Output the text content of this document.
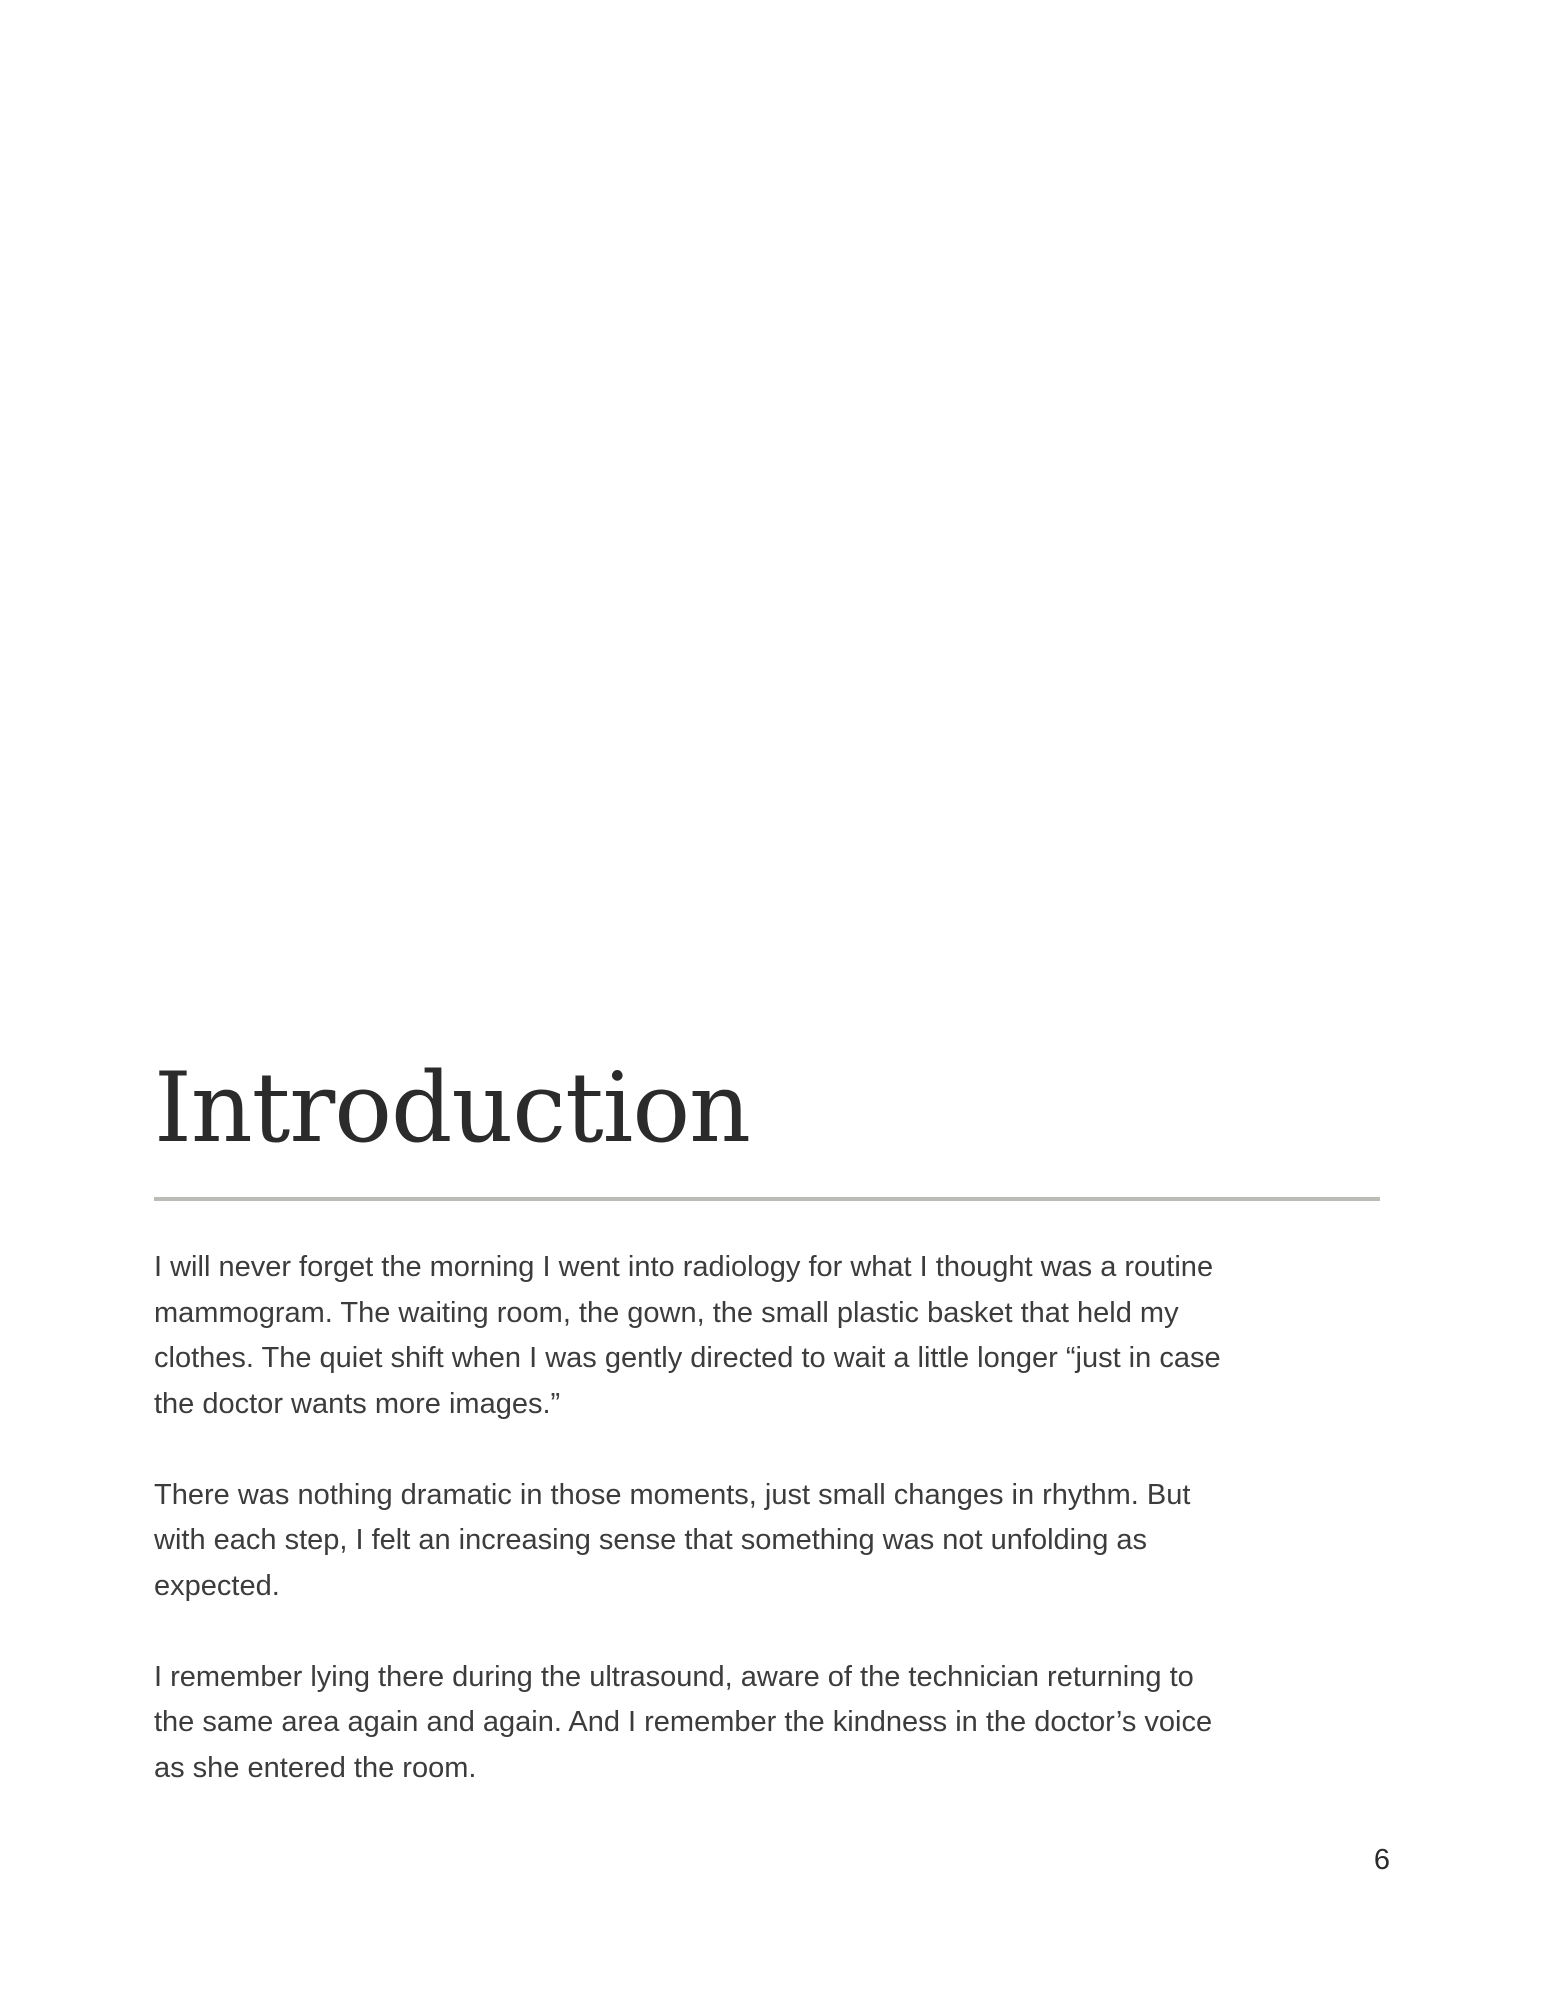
Introduction

I will never forget the morning I went into radiology for what I thought was a routine
mammogram. The waiting room, the gown, the small plastic basket that held my
clothes. The quiet shift when I was gently directed to wait a little longer “just in case
the doctor wants more images.”

There was nothing dramatic in those moments, just small changes in rhythm. But
with each step, I felt an increasing sense that something was not unfolding as
expected.

I remember lying there during the ultrasound, aware of the technician returning to
the same area again and again. And I remember the kindness in the doctor’s voice
as she entered the room.

6
